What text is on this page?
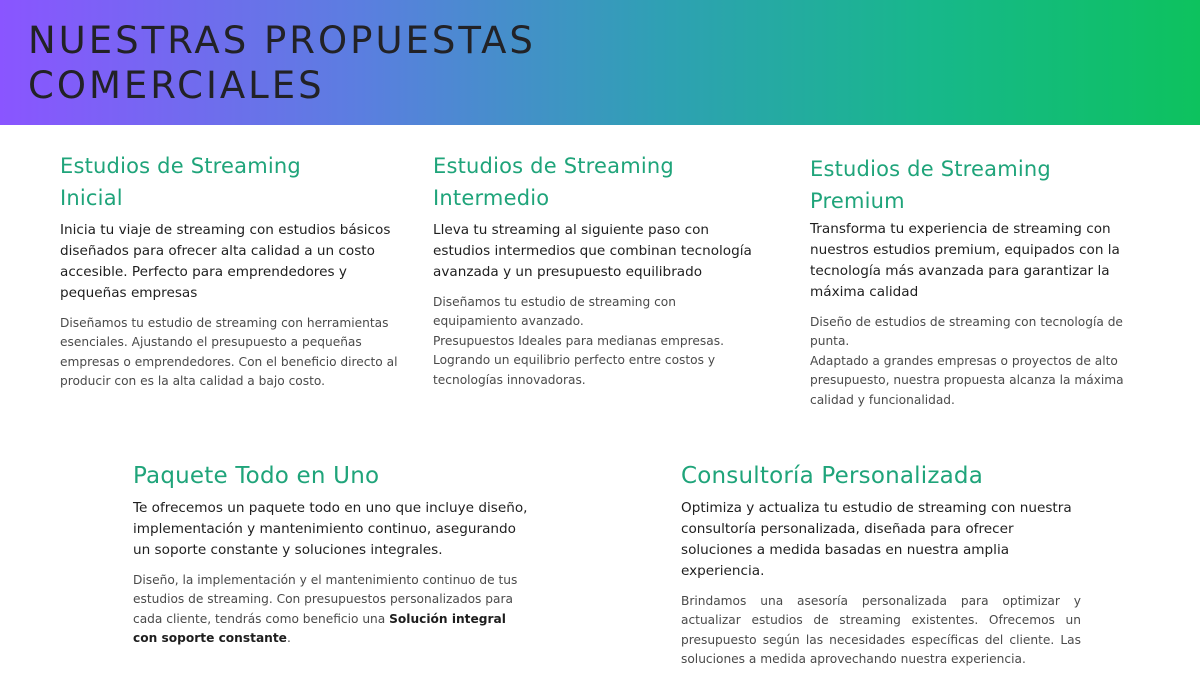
NUESTRAS PROPUESTAS
COMERCIALES
Estudios de Streaming
Inicial

Inicia tu viaje de streaming con estudios básicos diseñados para ofrecer alta calidad a un costo accesible. Perfecto para emprendedores y pequeñas empresas

Diseñamos tu estudio de streaming con herramientas esenciales. Ajustando el presupuesto a pequeñas empresas o emprendedores. Con el beneficio directo al producir con es la alta calidad a bajo costo.

Estudios de Streaming
Intermedio

Lleva tu streaming al siguiente paso con estudios intermedios que combinan tecnología avanzada y un presupuesto equilibrado

Diseñamos tu estudio de streaming con equipamiento avanzado.
Presupuestos Ideales para medianas empresas. Logrando un equilibrio perfecto entre costos y tecnologías innovadoras.

Estudios de Streaming
Premium

Transforma tu experiencia de streaming con nuestros estudios premium, equipados con la tecnología más avanzada para garantizar la máxima calidad

Diseño de estudios de streaming con tecnología de punta.
Adaptado a grandes empresas o proyectos de alto presupuesto, nuestra propuesta alcanza la máxima calidad y funcionalidad.

Paquete Todo en Uno

Te ofrecemos un paquete todo en uno que incluye diseño, implementación y mantenimiento continuo, asegurando un soporte constante y soluciones integrales.

Diseño, la implementación y el mantenimiento continuo de tus estudios de streaming. Con presupuestos personalizados para cada cliente, tendrás como beneficio una Solución integral con soporte constante.

Consultoría Personalizada

Optimiza y actualiza tu estudio de streaming con nuestra consultoría personalizada, diseñada para ofrecer soluciones a medida basadas en nuestra amplia experiencia.

Brindamos una asesoría personalizada para optimizar y actualizar estudios de streaming existentes. Ofrecemos un presupuesto según las necesidades específicas del cliente. Las soluciones a medida aprovechando nuestra experiencia.
